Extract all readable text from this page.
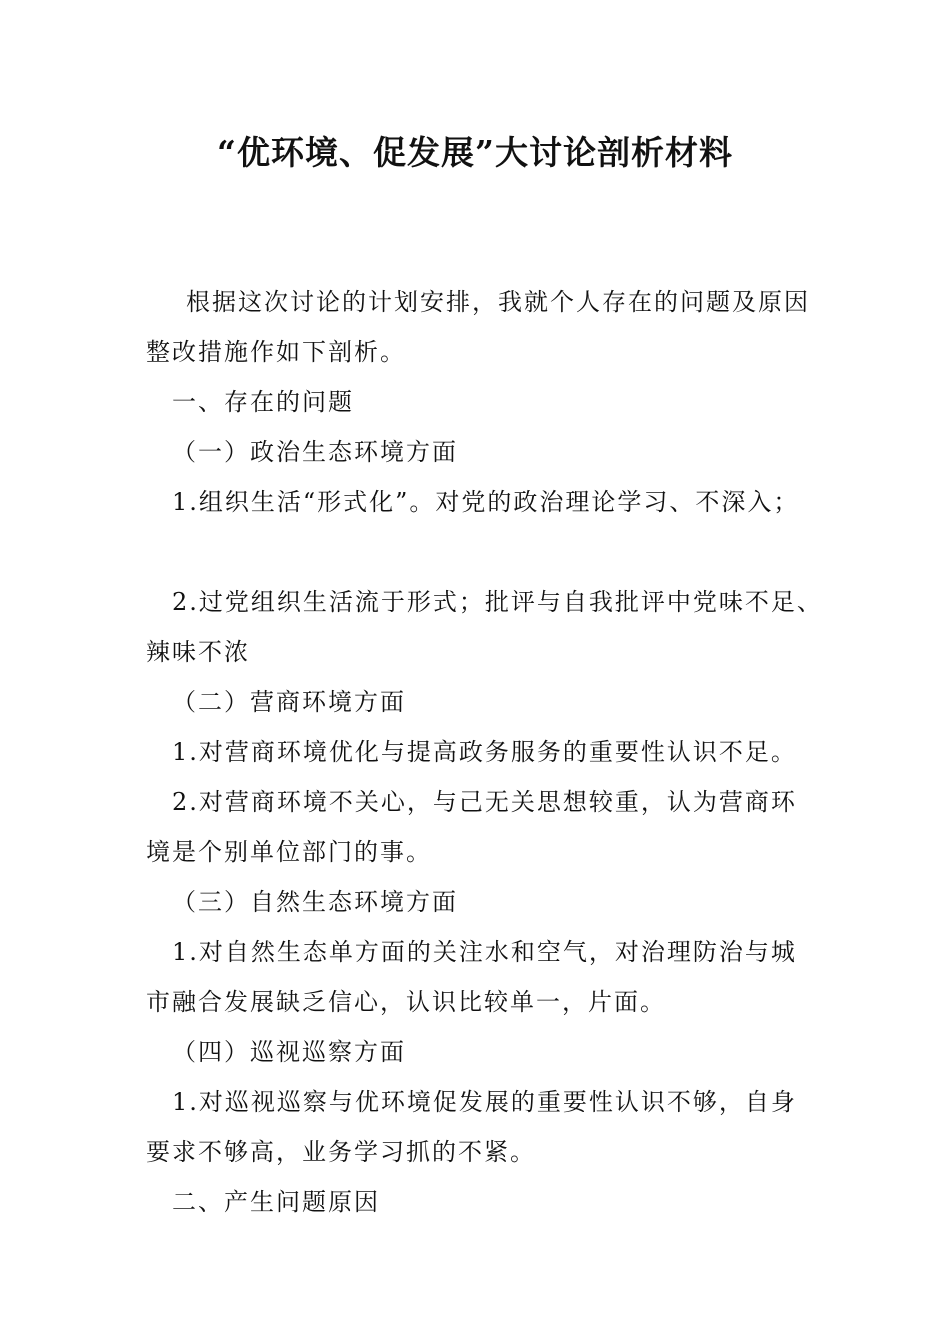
“优环境、促发展”大讨论剖析材料
根据这次讨论的计划安排，我就个人存在的问题及原因
整改措施作如下剖析。
一、存在的问题
（一）政治生态环境方面
1.组织生活“形式化”。对党的政治理论学习、不深入；
2.过党组织生活流于形式；批评与自我批评中党味不足、
辣味不浓
（二）营商环境方面
1.对营商环境优化与提高政务服务的重要性认识不足。
2.对营商环境不关心，与己无关思想较重，认为营商环
境是个别单位部门的事。
（三）自然生态环境方面
1.对自然生态单方面的关注水和空气，对治理防治与城
市融合发展缺乏信心，认识比较单一，片面。
（四）巡视巡察方面
1.对巡视巡察与优环境促发展的重要性认识不够，自身
要求不够高，业务学习抓的不紧。
二、产生问题原因
